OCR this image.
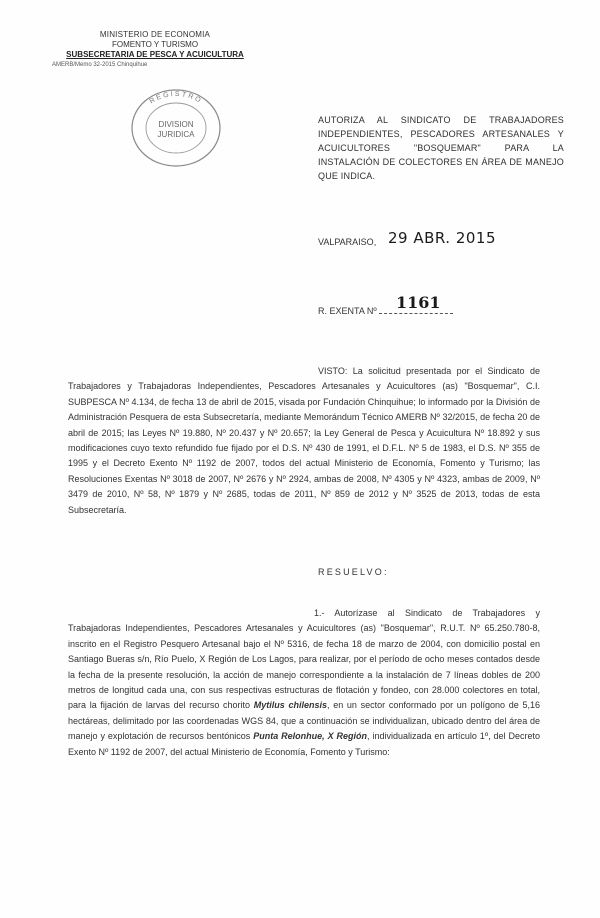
MINISTERIO DE ECONOMIA
FOMENTO Y TURISMO
SUBSECRETARIA DE PESCA Y ACUICULTURA
AMERB/Memo 32-2015 Chinquihue
REGISTRO
DIVISION
JURIDICA
AUTORIZA AL SINDICATO DE TRABAJADORES INDEPENDIENTES, PESCADORES ARTESANALES Y ACUICULTORES "BOSQUEMAR" PARA LA INSTALACIÓN DE COLECTORES EN ÁREA DE MANEJO QUE INDICA.
VALPARAISO, 29 ABR. 2015
R. EXENTA Nº	1161
VISTO: La solicitud presentada por el Sindicato de Trabajadores y Trabajadoras Independientes, Pescadores Artesanales y Acuicultores (as) "Bosquemar", C.I. SUBPESCA Nº 4.134, de fecha 13 de abril de 2015, visada por Fundación Chinquihue; lo informado por la División de Administración Pesquera de esta Subsecretaría, mediante Memorándum Técnico AMERB Nº 32/2015, de fecha 20 de abril de 2015; las Leyes Nº 19.880, Nº 20.437 y Nº 20.657; la Ley General de Pesca y Acuicultura Nº 18.892 y sus modificaciones cuyo texto refundido fue fijado por el D.S. Nº 430 de 1991, el D.F.L. Nº 5 de 1983, el D.S. Nº 355 de 1995 y el Decreto Exento Nº 1192 de 2007, todos del actual Ministerio de Economía, Fomento y Turismo; las Resoluciones Exentas Nº 3018 de 2007, Nº 2676 y Nº 2924, ambas de 2008, Nº 4305 y Nº 4323, ambas de 2009, Nº 3479 de 2010, Nº 58, Nº 1879 y Nº 2685, todas de 2011, Nº 859 de 2012 y Nº 3525 de 2013, todas de esta Subsecretaría.
RESUELVO:
1.- Autorízase al Sindicato de Trabajadores y Trabajadoras Independientes, Pescadores Artesanales y Acuicultores (as) "Bosquemar", R.U.T. Nº 65.250.780-8, inscrito en el Registro Pesquero Artesanal bajo el Nº 5316, de fecha 18 de marzo de 2004, con domicilio postal en Santiago Bueras s/n, Río Puelo, X Región de Los Lagos, para realizar, por el período de ocho meses contados desde la fecha de la presente resolución, la acción de manejo correspondiente a la instalación de 7 líneas dobles de 200 metros de longitud cada una, con sus respectivas estructuras de flotación y fondeo, con 28.000 colectores en total, para la fijación de larvas del recurso chorito Mytilus chilensis, en un sector conformado por un polígono de 5,16 hectáreas, delimitado por las coordenadas WGS 84, que a continuación se individualizan, ubicado dentro del área de manejo y explotación de recursos bentónicos Punta Relonhue, X Región, individualizada en artículo 1º, del Decreto Exento Nº 1192 de 2007, del actual Ministerio de Economía, Fomento y Turismo:
